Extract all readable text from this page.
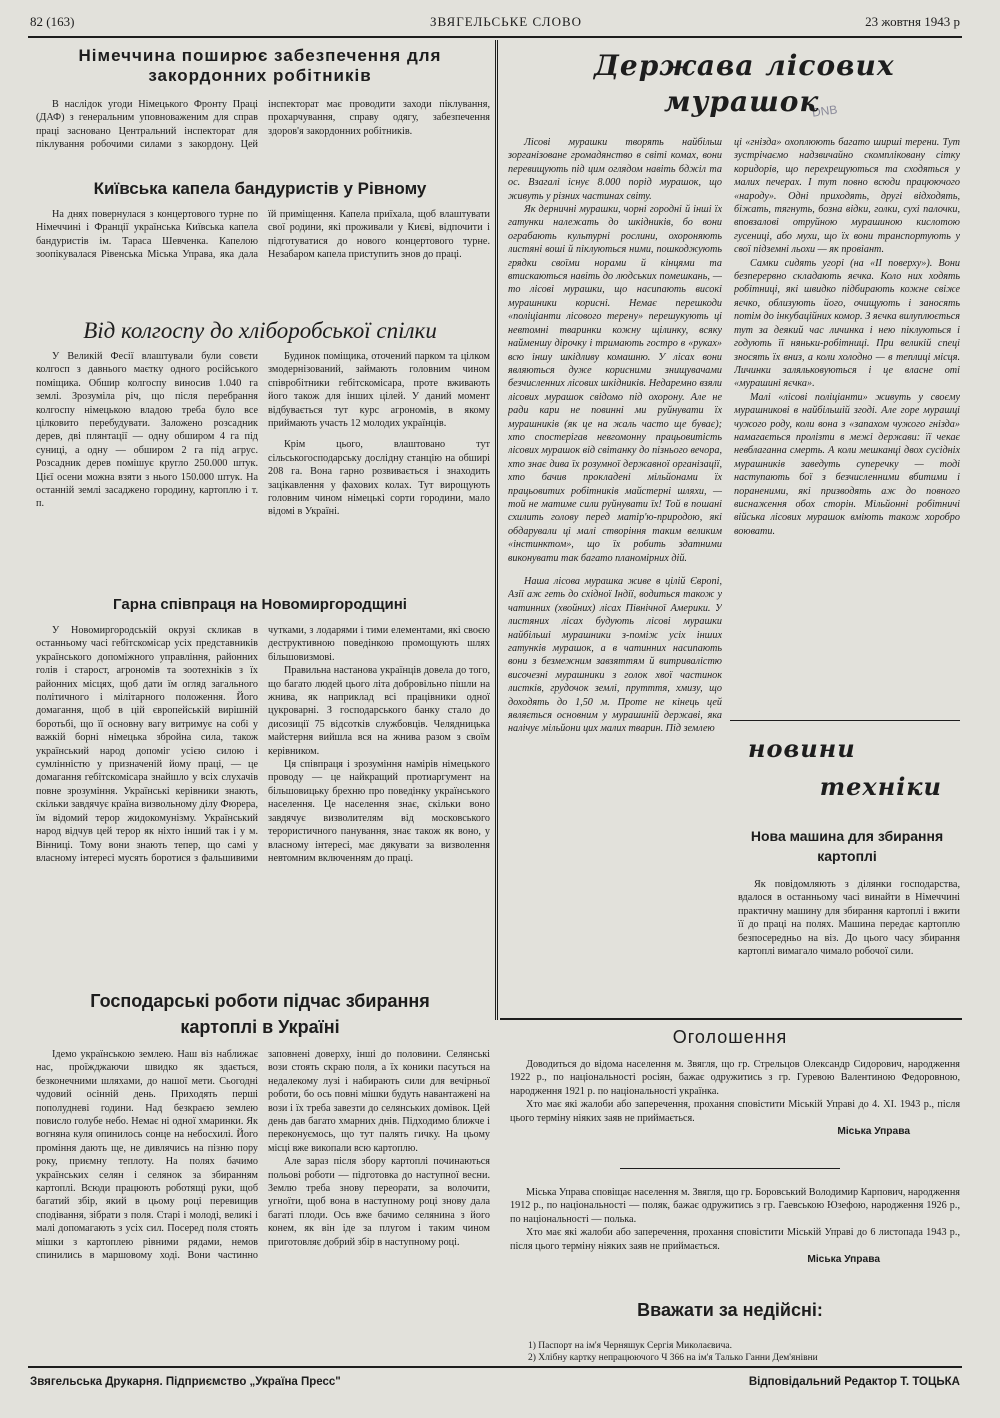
82 (163)	ЗВЯГЕЛЬСЬКЕ СЛОВО	23 жовтня 1943 р

Німеччина поширює забезпечення для закордонних робітників

В наслідок угоди Німецького Фронту Праці (ДАФ) з генеральним уповноваженим для справ праці засновано Центральний інспекторат для піклування робочими силами з закордону. Цей інспекторат має проводити заходи піклування, прохарчування, справу одягу, забезпечення здоров'я закордонних робітників.

Київська капела бандуристів у Рівному

На днях повернулася з концертового турне по Німеччині і Франції українська Київська капела бандуристів ім. Тараса Шевченка. Капелою зоопікувалася Рівенська Міська Управа, яка дала їй приміщення. Капела приїхала, щоб влаштувати свої родини, які проживали у Києві, відпочити і підготуватися до нового концертового турне. Незабаром капела приступить знов до праці.

Від колгоспу до хліборобської спілки

У Великій Фесії влаштували були совєти колгосп з давнього маєтку одного російського поміщика. Обшир колгоспу виносив 1.040 га землі. Зрозуміла річ, що після перебрання колгоспу німецькою владою треба було все цілковито перебудувати. Заложено розсадник дерев, дві плянтації — одну обширом 4 га під суниці, а одну — обширом 2 га під агрус. Розсадник дерев помішує круглo 250.000 штук. Цієї осени можна взяти з нього 150.000 штук. На останній землі засаджено городину, картоплю і т. п.

Будинок поміщика, оточений парком та цілком змодернізований, займають головним чином співробітники гебітскомісара, проте вживають його також для інших цілей. У даний момент відбувається тут курс агрономів, в якому приймають участь 12 молодих українців.

Крім цього, влаштовано тут сільськогосподарську дослідну станцію на обширі 208 га. Вона гарно розвивається і знаходить зацікавлення у фахових колах. Тут вирощують головним чином німецькі сорти городини, мало відомі в Україні.

Гарна співпраця на Новомиргородщині

У Новомиргородській окрузі скликав в останньому часі гебітскомісар усіх представників українського допоміжного управління, районних голів і старост, агрономів та зоотехніків з їх районних місцях, щоб дати їм огляд загального політичного і мілітарного положення. Його домагання, щоб в цій європейській вирішній боротьбі, що її основну вагу витримує на собі у важкій борні німецька збройна сила, також український народ допоміг усією силою і сумлінністю у призначеній йому праці, — це домагання гебітскомісара знайшло у всіх слухачів повне зрозуміння. Українські керівники знають, скільки завдячує країна визвольному ділу Фюрера, їм відомий терор жидокомунізму. Український народ відчув цей терор як ніхто інший так і у м. Вінниці. Тому вони знають тепер, що самі у власному інтересі мусять боротися з фальшивими чутками, з лодарями і тими елементами, які своєю деструктивною поведінкою промощують шлях більшовизмові.

Правильна настанова українців довела до того, що багато людей цього літа добровільно пішли на жнива, як наприклад всі працівники одної цукроварні. З господарського банку стало до дисозиції 75 відсотків службовців. Челядницька майстерня вийшла вся на жнива разом з своїм керівником.

Ця співпраця і зрозуміння намірів німецького проводу — це найкращий протиаргумент на більшовицьку брехню про поведінку українського населення. Це населення знає, скільки воно завдячує визволителям від московського терористичного панування, знає також як воно, у власному інтересі, має дякувати за визволення невтомним включенням до праці.

Господарські роботи підчас збирання

картоплі в Україні

Ідемо українською землею. Наш віз наближає нас, проїжджаючи швидко як здається, безконечними шляхами, до нашої мети. Сьогодні чудовий осінній день. Приходять перші пополудневі години. Над безкраєю землею повисло голубе небо. Немає ні одної хмаринки. Як вогняна куля опинилось сонце на небосхилі. Його проміння дають ще, не дивлячись на пізню пору року, приємну теплоту. На полях бачимо українських селян і селянок за збиранням картоплі. Всюди працюють роботящі руки, щоб багатий збір, який в цьому році перевищив сподівання, зібрати з поля. Старі і молоді, великі і малі допомагають з усіх сил. Посеред поля стоять мішки з картоплею рівними рядами, немов спинились в маршовому ході. Вони частинно заповнені доверху, інші до половини. Селянські вози стоять скраю поля, а їх коники пасуться на недалекому лузі і набирають сили для вечірньої роботи, бо ось повні мішки будуть навантажені на вози і їх треба завезти до селянських домівок. Цей день дав багато хмарних днів. Підходимо ближче і переконуємось, що тут палять гичку. На цьому місці вже викопали всю картоплю.

Але зараз після збору картоплі починаються польові роботи — підготовка до наступної весни. Землю треба знову переорати, за волочити, угноїти, щоб вона в наступному році знову дала багаті плоди. Ось вже бачимо селянина з його конем, як він іде за плугом і таким чином приготовляє добрий збір в наступному році.

DNB

Держава лісових

мурашок

Лісові мурашки творять найбільш зорганізоване громадянство в світі комах, вони перевищують під цим оглядом навіть бджіл та ос. Взагалі існує 8.000 порід мурашок, що живуть у різних частинах світу.

Як дерничні мурашки, чорні городні й інші їх гатунки належать до шкідників, бо вони ограбають культурні рослини, охороняють листяні воші й піклуються ними, пошкоджують грядки своїми норами й кінцями та втискаються навіть до людських помешкань, — то лісові мурашки, що насипають високі мурашники корисні. Немає перешкоди «поліціанти лісового терену» перешукують ці невтомні тваринки кожну щілинку, всяку найменшу дірочку і тримають гостро в «руках» всю іншу шкідливу комашню. У лісах вони являються дуже корисними знищувачами безчисленних лісових шкідників. Недаремно взяли лісових мурашок свідомо під охорону. Але не ради кари не повинні ми руйнувати їх мурашників (як це на жаль часто ще буває); хто спостерігав невгомонну працьовитість лісових мурашок від світанку до пізнього вечора, хто знає дива їх розумної державної організації, хто бачив прокладені мільйонами їх працьовитих робітників майстерні шляхи, — той не матиме сили руйнувати їх! Той в пошані схилить голову перед матір'ю-природою, які обдарували ці малі створіння таким великим «інстинктом», що їх робить здатними виконувати так багато планомірних дій.

Наша лісова мурашка живе в цілій Європі, Азії аж геть до східної Індії, водиться також у чатинних (хвойних) лісах Північної Америки. У листяних лісах будують лісові мурашки найбільші мурашники з-поміж усіх інших гатунків мурашок, а в чатинних насипають вони з безмежним завзяттям й витривалістю височезні мурашники з голок хвої частинок листків, грудочок землі, прутття, хмизу, що доходять до 1,50 м. Проте не кінець цей являється основним у мурашиній державі, яка налічує мільйони цих малих тварин. Під землею

ці «гнізда» охоплюють багато ширші терени. Тут зустрічаємо надзвичайно скомпліковану сітку коридорів, що перехрещуються та сходяться у малих печерах. І тут повно всюди працюючого «народу». Одні приходять, другі відходять, біжать, тягнуть, бозна відки, голки, сухі палочки, вповзалові отруйною мурашиною кислотою гусениці, або мухи, що їх вони транспортують у свої підземні льохи — як провіант.

Самки сидять угорі (на «ІІ поверху»). Вони безперервно складають яєчка. Коло них ходять робітниці, які швидко підбирають кожне свіже яєчко, облизують його, очищують і заносять потім до інкубаційних комор. З яєчка вилуплюється тут за деякий час личинка і нею піклуються і годують її няньки-робітниці. При великій спеці зносять їх вниз, а коли холодно — в теплиці місця. Личинки заляльковуються і це власне оті «мурашині яєчка».

Малі «лісові поліціанти» живуть у своєму мурашниковi в найбільшій згоді. Але горе мурашці чужого роду, коли вона з «запахом чужого гнізда» намагається пролізти в межі держави: її чекає невблаганна смерть. А коли мешканці двох сусідніх мурашників заведуть суперечку — тоді наступають бої з безчисленними вбитими і пораненими, які призводять аж до повного виснаження обох сторін. Мільйонні робітничі війська лісових мурашок вміють також хоробро воювати.

новини

техніки

Нова машина для збирання

картоплі

Як повідомляють з ділянки господарства, вдалося в останньому часі винайти в Німеччині практичну машину для збирання картоплі і вжити її до праці на полях. Машина передає картоплю безпосередньо на віз. До цього часу збирання картоплі вимагало чимало робочої сили.

Оголошення

Доводиться до відома населення м. Звягля, що гр. Стрельцов Олександр Сидорович, народження 1922 р., по національності росіян, бажає одружитись з гр. Гуревою Валентиною Федоровною, народження 1921 р. по національності українка.

Хто має які жалоби або заперечення, прохання сповістити Міській Управі до 4. XI. 1943 р., після цього терміну ніяких заяв не приймається.

Міська Управа

Міська Управа сповіщає населення м. Звягля, що гр. Боровський Володимир Карпович, народження 1912 р., по національності — поляк, бажає одружитись з гр. Гаевською Юзефою, народження 1926 р., по національності — полька.

Хто має які жалоби або заперечення, прохання сповістити Міській Управі до 6 листопада 1943 р., після цього терміну ніяких заяв не приймається.

Міська Управа

Вважати за недійсні:

1) Паспорт на ім'я Черняшук Сергія Миколаєвича.
2) Хлібну картку непрацюючого Ч 366 на ім'я Талько Ганни Дем'янівни
Звягельська Друкарня. Підприємство „Українa Пресс"	Відповідальний Редактор Т. ТОЦЬКА
